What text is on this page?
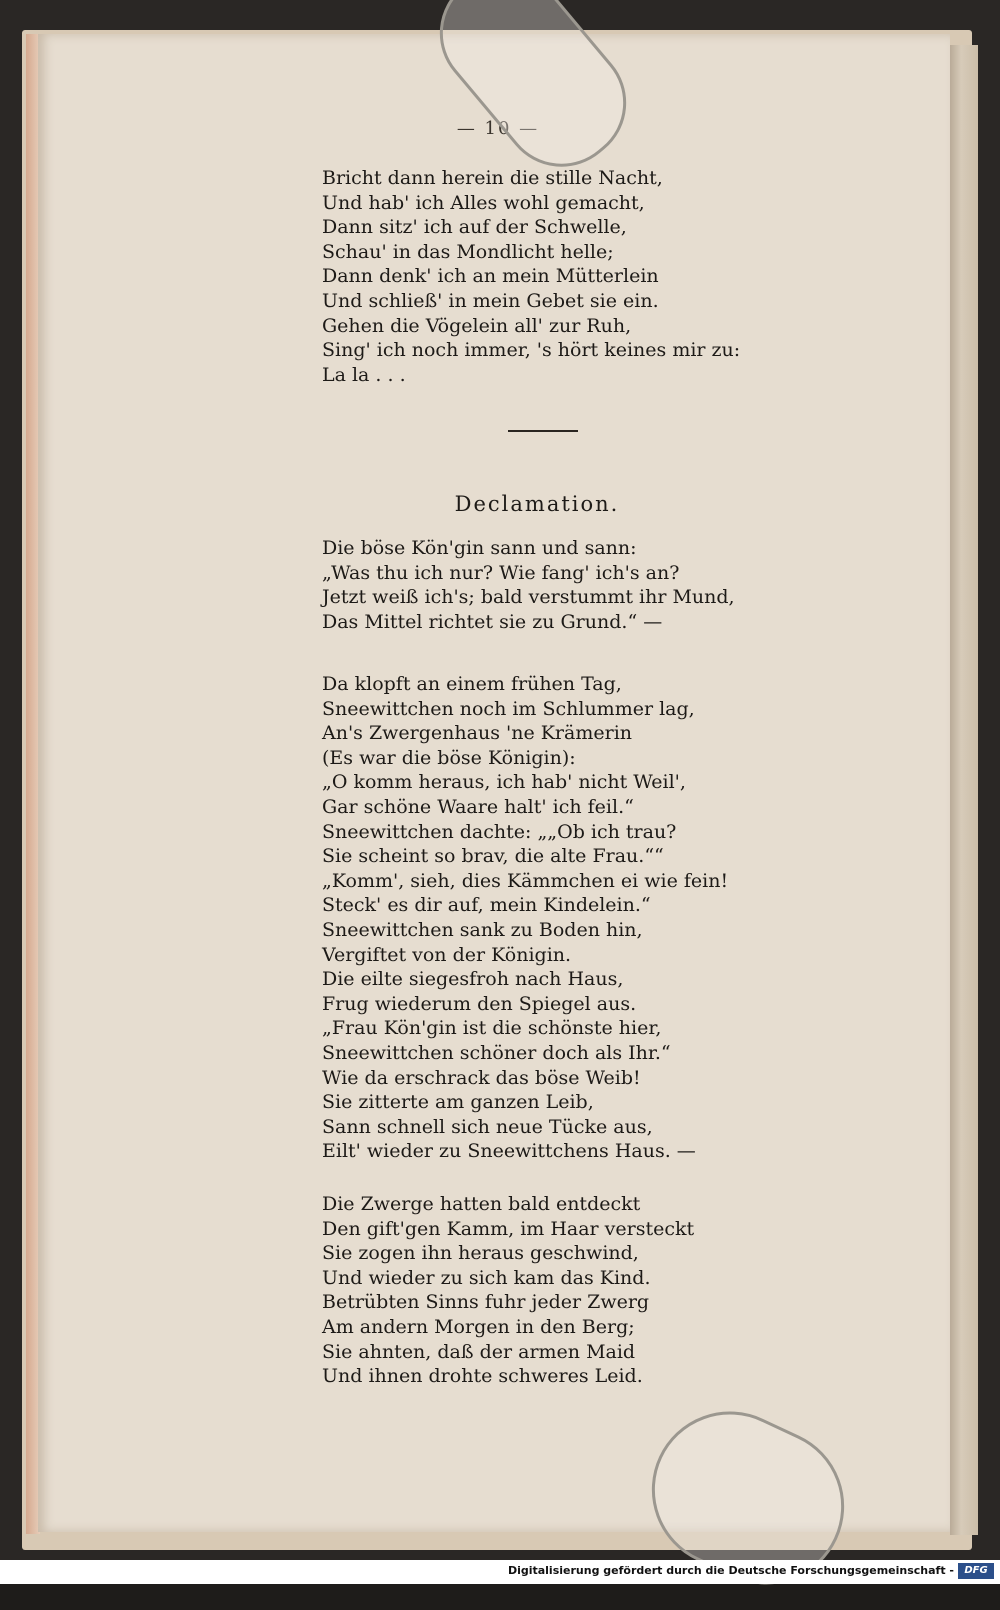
— 10 —
Bricht dann herein die stille Nacht,
Und hab' ich Alles wohl gemacht,
Dann sitz' ich auf der Schwelle,
Schau' in das Mondlicht helle;
Dann denk' ich an mein Mütterlein
Und schließ' in mein Gebet sie ein.
Gehen die Vögelein all' zur Ruh,
Sing' ich noch immer, 's hört keines mir zu:
La la . . .
Declamation.
Die böse Kön'gin sann und sann:
„Was thu ich nur? Wie fang' ich's an?
Jetzt weiß ich's; bald verstummt ihr Mund,
Das Mittel richtet sie zu Grund.“ —
Da klopft an einem frühen Tag,
Sneewittchen noch im Schlummer lag,
An's Zwergenhaus 'ne Krämerin
(Es war die böse Königin):
„O komm heraus, ich hab' nicht Weil',
Gar schöne Waare halt' ich feil.“
Sneewittchen dachte: „„Ob ich trau?
Sie scheint so brav, die alte Frau.““
„Komm', sieh, dies Kämmchen ei wie fein!
Steck' es dir auf, mein Kindelein.“
Sneewittchen sank zu Boden hin,
Vergiftet von der Königin.
Die eilte siegesfroh nach Haus,
Frug wiederum den Spiegel aus.
„Frau Kön'gin ist die schönste hier,
Sneewittchen schöner doch als Ihr.“
Wie da erschrack das böse Weib!
Sie zitterte am ganzen Leib,
Sann schnell sich neue Tücke aus,
Eilt' wieder zu Sneewittchens Haus. —
Die Zwerge hatten bald entdeckt
Den gift'gen Kamm, im Haar versteckt
Sie zogen ihn heraus geschwind,
Und wieder zu sich kam das Kind.
Betrübten Sinns fuhr jeder Zwerg
Am andern Morgen in den Berg;
Sie ahnten, daß der armen Maid
Und ihnen drohte schweres Leid.
Digitalisierung gefördert durch die Deutsche Forschungsgemeinschaft -	DFG
